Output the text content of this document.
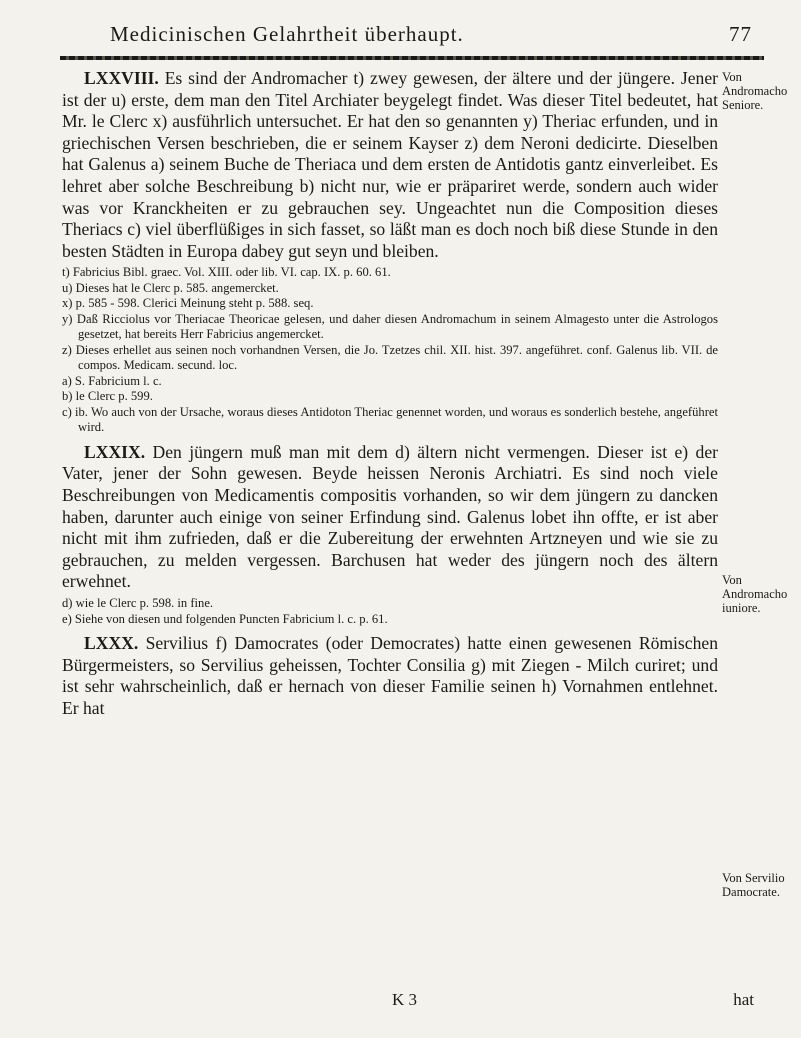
Medicinischen Gelahrtheit überhaupt.	77

LXXVIII. Es sind der Andromacher t) zwey gewesen, der ältere und der jüngere. Jener ist der u) erste, dem man den Titel Archiater beygelegt findet. Was dieser Titel bedeutet, hat Mr. le Clerc x) ausführlich untersuchet. Er hat den so genannten y) Theriac erfunden, und in griechischen Versen beschrieben, die er seinem Kayser z) dem Neroni dedicirte. Dieselben hat Galenus a) seinem Buche de Theriaca und dem ersten de Antidotis gantz einverleibet. Es lehret aber solche Beschreibung b) nicht nur, wie er präpariret werde, sondern auch wider was vor Kranckheiten er zu gebrauchen sey. Ungeachtet nun die Composition dieses Theriacs c) viel überflüßiges in sich fasset, so läßt man es doch noch biß diese Stunde in den besten Städten in Europa dabey gut seyn und bleiben.

t) Fabricius Bibl. graec. Vol. XIII. oder lib. VI. cap. IX. p. 60. 61.

u) Dieses hat le Clerc p. 585. angemercket.

x) p. 585 - 598. Clerici Meinung steht p. 588. seq.

y) Daß Ricciolus vor Theriacae Theoricae gelesen, und daher diesen Andromachum in seinem Almagesto unter die Astrologos gesetzet, hat bereits Herr Fabricius angemercket.

z) Dieses erhellet aus seinen noch vorhandnen Versen, die Jo. Tzetzes chil. XII. hist. 397. angeführet. conf. Galenus lib. VII. de compos. Medicam. secund. loc.

a) S. Fabricium l. c.

b) le Clerc p. 599.

c) ib. Wo auch von der Ursache, woraus dieses Antidoton Theriac genennet worden, und woraus es sonderlich bestehe, angeführet wird.

LXXIX. Den jüngern muß man mit dem d) ältern nicht vermengen. Dieser ist e) der Vater, jener der Sohn gewesen. Beyde heissen Neronis Archiatri. Es sind noch viele Beschreibungen von Medicamentis compositis vorhanden, so wir dem jüngern zu dancken haben, darunter auch einige von seiner Erfindung sind. Galenus lobet ihn offte, er ist aber nicht mit ihm zufrieden, daß er die Zubereitung der erwehnten Artzneyen und wie sie zu gebrauchen, zu melden vergessen. Barchusen hat weder des jüngern noch des ältern erwehnet.

d) wie le Clerc p. 598. in fine.

e) Siehe von diesen und folgenden Puncten Fabricium l. c. p. 61.

LXXX. Servilius f) Damocrates (oder Democrates) hatte einen gewesenen Römischen Bürgermeisters, so Servilius geheissen, Tochter Consilia g) mit Ziegen - Milch curiret; und ist sehr wahrscheinlich, daß er hernach von dieser Familie seinen h) Vornahmen entlehnet. Er hat

Von Andromacho Seniore.
Von Andromacho iuniore.
Von Servilio Damocrate.
K 3	hat
